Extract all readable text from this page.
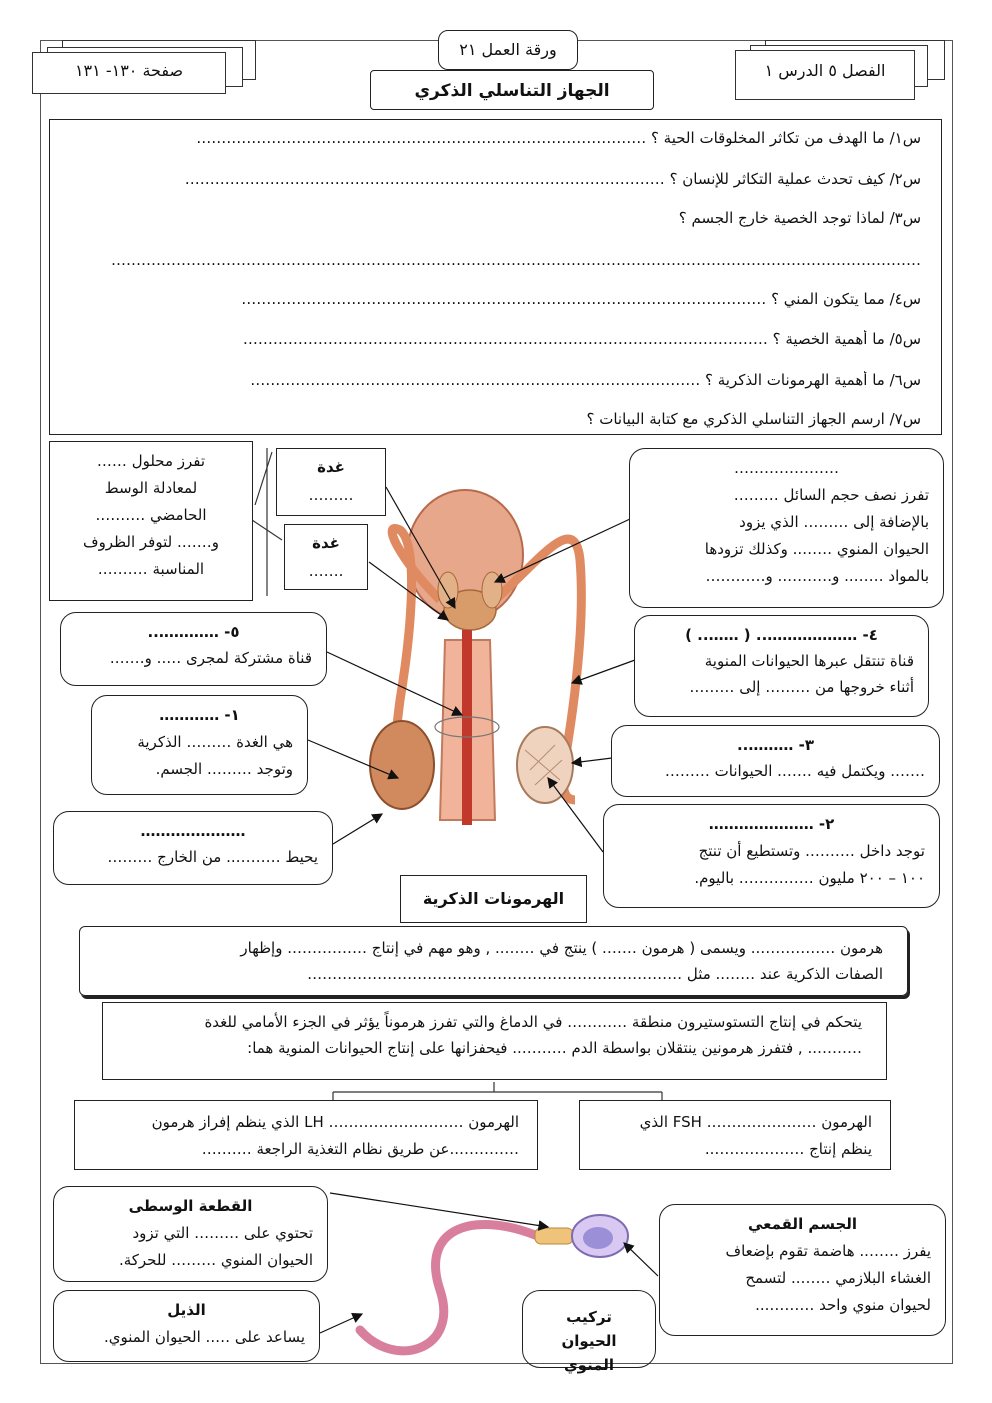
صفحة ١٣٠- ١٣١
ورقة العمل ٢١
الجهاز التناسلي الذكري
الفصل ٥ الدرس ١
س١/ ما الهدف من تكاثر المخلوقات الحية ؟ ………………………………………………………………………………
س٢/ كيف تحدث عملية التكاثر للإنسان ؟ ……………………………………………………………………………………
س٣/ لماذا توجد الخصية خارج الجسم ؟
………………………………………………………………………………………………………………………………………………
س٤/ مما يتكون المني ؟ ……………………………………………………………………………………………
س٥/ ما أهمية الخصية ؟ ……………………………………………………………………………………………
س٦/ ما أهمية الهرمونات الذكرية ؟ ………………………………………………………………………………
س٧/ ارسم الجهاز التناسلي الذكري مع كتابة البيانات ؟
تفرز محلول ……
لمعادلة الوسط
الحامضي ……….
و……. لتوفر الظروف
المناسبة ……….
غدة
………
غدة
…….
…………………
تفرز نصف حجم السائل ………
بالإضافة إلى ……… الذي يزود
الحيوان المنوي …….. وكذلك تزودها
بالمواد …….. و……….. و…………
٥- …………..
قناة مشتركة لمجرى ….. و…….
٤- ……………….. ( …….. )
قناة تنتقل عبرها الحيوانات المنوية
أثناء خروجها من ……… إلى ………
١- …………
هي الغدة ……… الذكرية
وتوجد ……… الجسم.
٣- ………..
……. ويكتمل فيه ……. الحيوانات ………
…………………
يحيط ……….. من الخارج ………
٢- …………………
توجد داخل ………. وتستطيع أن تنتج
١٠٠ – ٢٠٠ مليون …………… باليوم.
الهرمونات الذكرية
هرمون …………….. ويسمى ( هرمون ……. ) ينتج في …….. , وهو مهم في إنتاج ……………. وإظهار
الصفات الذكرية عند …….. مثل …………………………………………………………………
يتحكم في إنتاج التستوستيرون منطقة ………… في الدماغ والتي تفرز هرموناً يؤثر في الجزء الأمامي للغدة
……….. , فتفرز هرمونين ينتقلان بواسطة الدم ……….. فيحفزانها على إنتاج الحيوانات المنوية هما:
الهرمون ……………………… LH الذي ينظم إفراز هرمون
…………..عن طريق نظام التغذية الراجعة ……….
الهرمون …………………. FSH الذي
ينظم إنتاج ………………..
القطعة الوسطى
تحتوي على ……… التي تزود
الحيوان المنوي ……… للحركة.
الذيل
يساعد على ….. الحيوان المنوي.
تركيب الحيوان المنوي
الجسم القمعي
يفرز …….. هاضمة تقوم بإضعاف
الغشاء البلازمي …….. لتسمح
لحيوان منوي واحد ………...
